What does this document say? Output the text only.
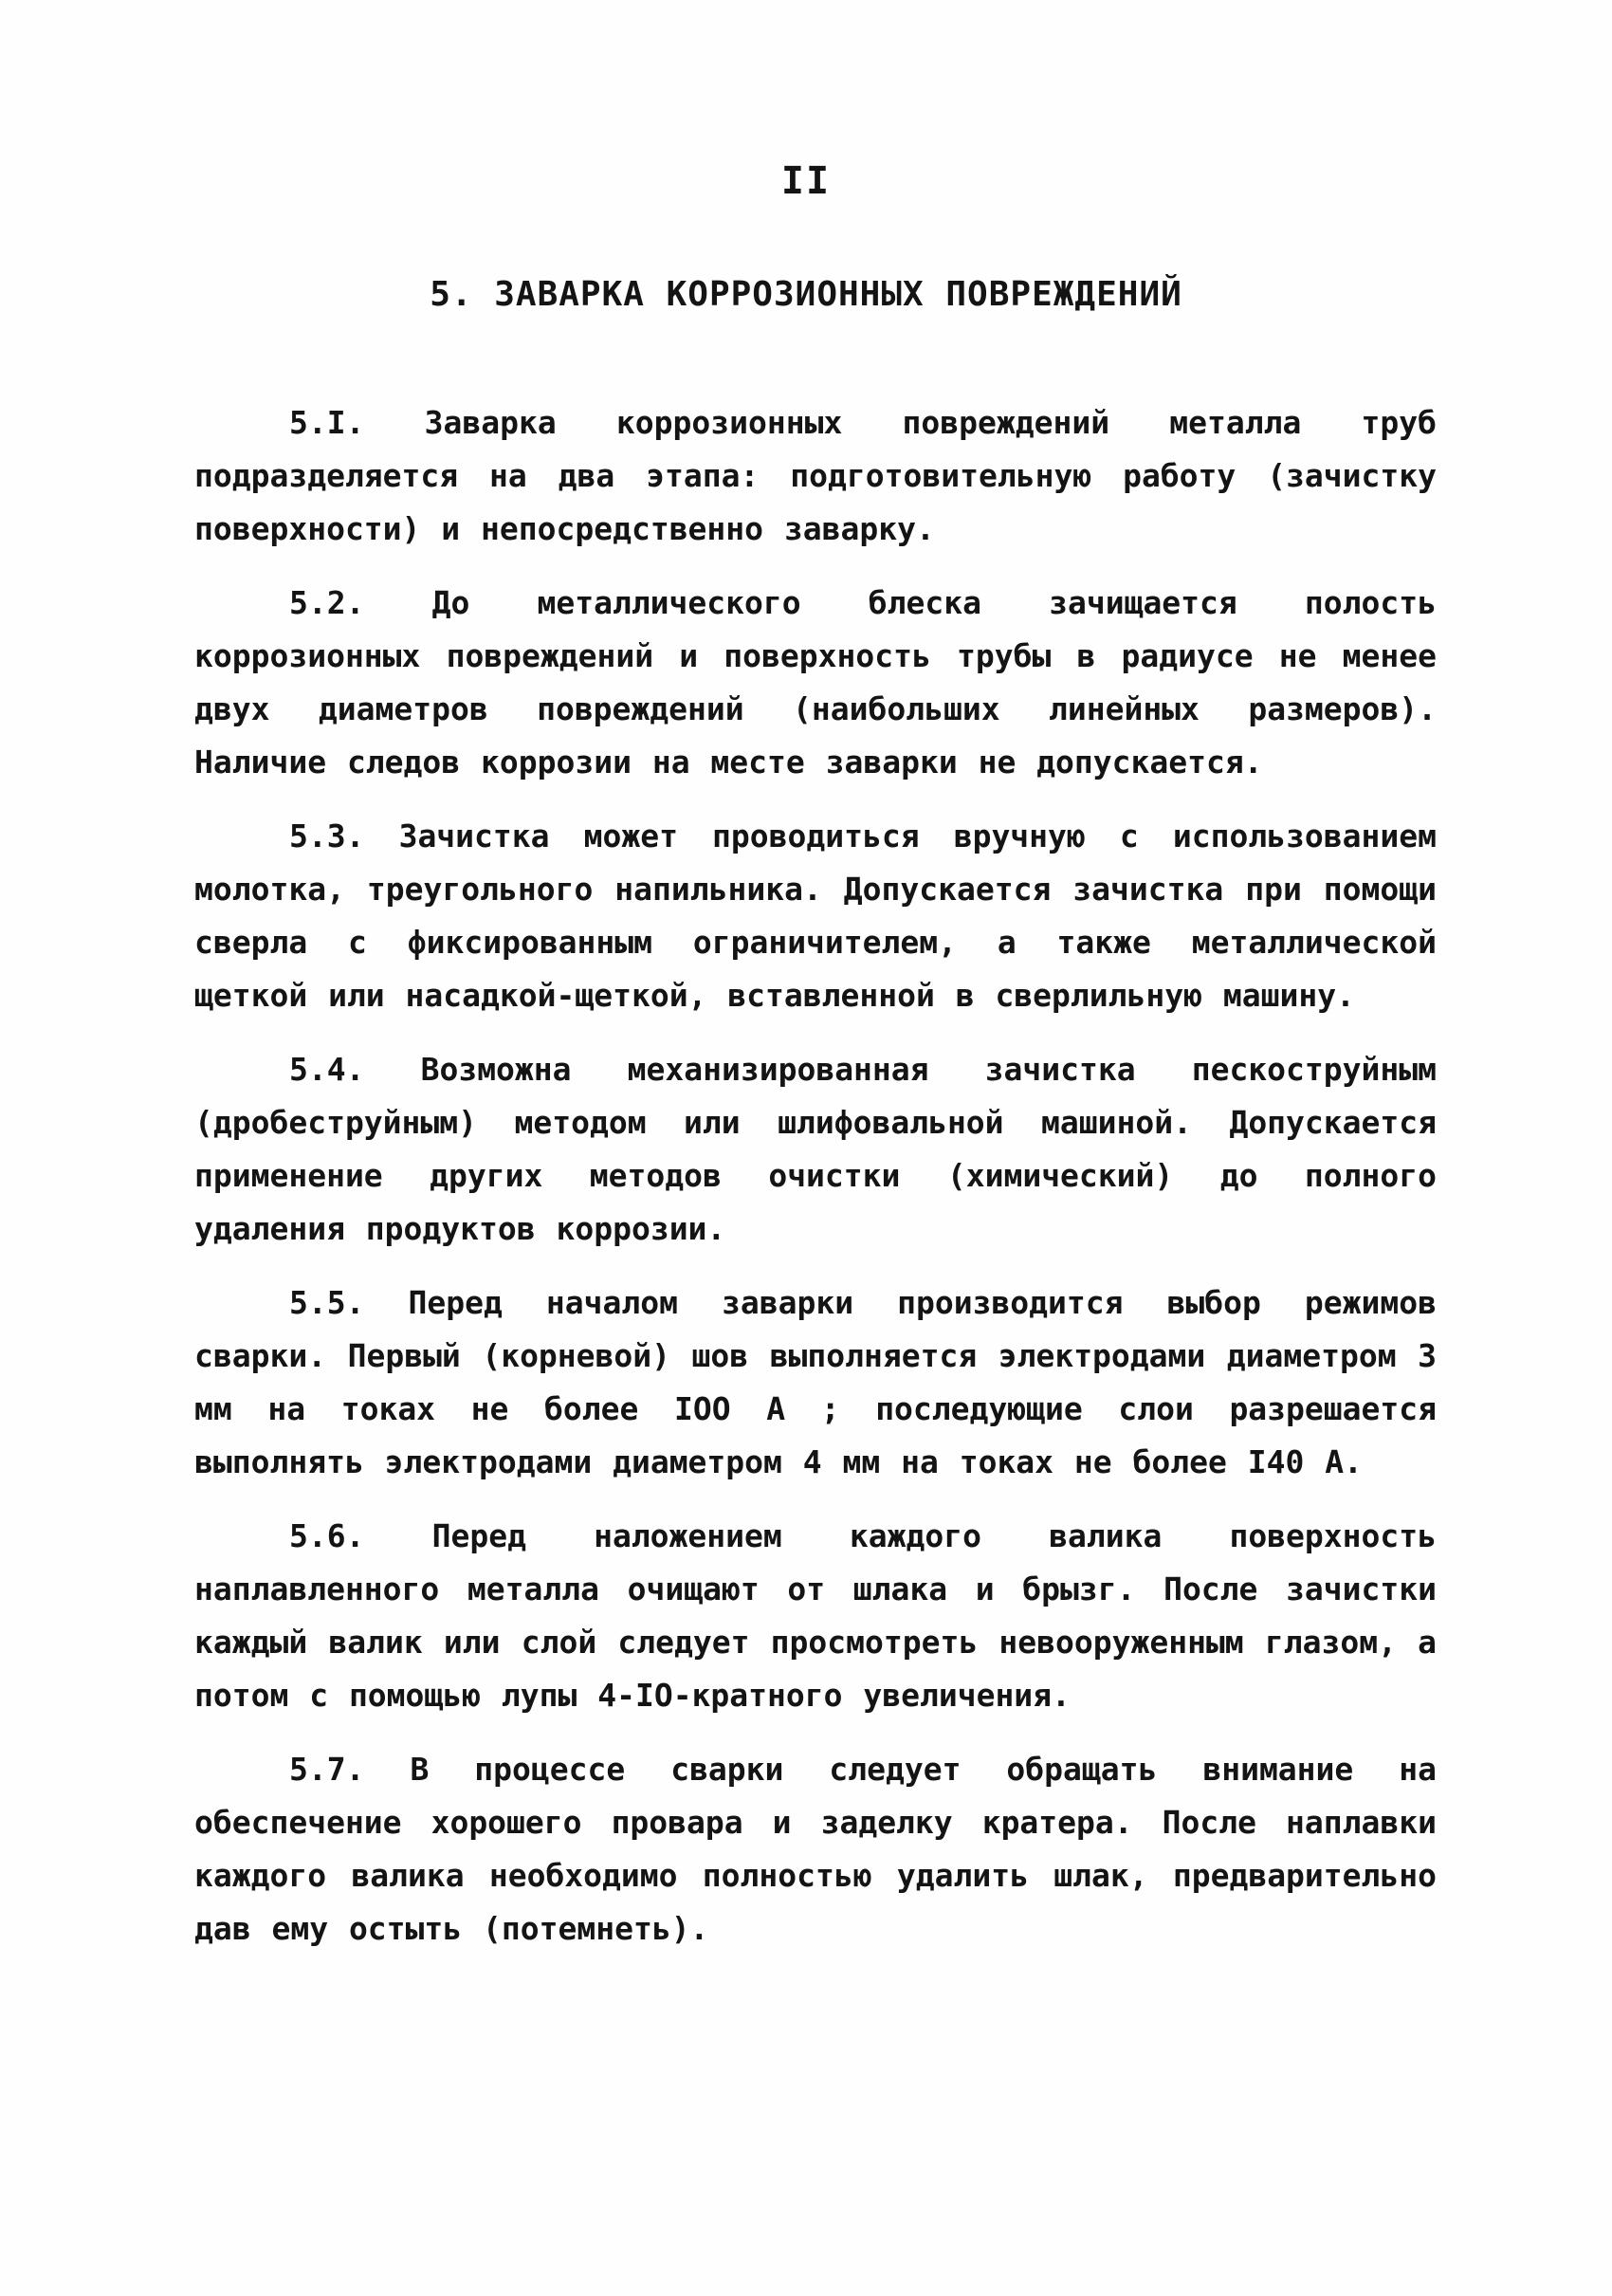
II
5. ЗАВАРКА КОРРОЗИОННЫХ ПОВРЕЖДЕНИЙ

5.I. Заварка коррозионных повреждений металла труб подразделяется на два этапа: подготовительную работу (зачистку поверхности) и непосредственно заварку.

5.2. До металлического блеска зачищается полость коррозионных повреждений и поверхность трубы в радиусе не менее двух диаметров повреждений (наибольших линейных размеров). Наличие следов коррозии на месте заварки не допускается.

5.3. Зачистка может проводиться вручную с использованием молотка, треугольного напильника. Допускается зачистка при помощи сверла с фиксированным ограничителем, а также металлической щеткой или насадкой-щеткой, вставленной в сверлильную машину.

5.4. Возможна механизированная зачистка пескоструйным (дробеструйным) методом или шлифовальной машиной. Допускается применение других методов очистки (химический) до полного удаления продуктов коррозии.

5.5. Перед началом заварки производится выбор режимов сварки. Первый (корневой) шов выполняется электродами диаметром 3 мм на токах не более IOO A ; последующие слои разрешается выполнять электродами диаметром 4 мм на токах не более I40 A.

5.6. Перед наложением каждого валика поверхность наплавленного металла очищают от шлака и брызг. После зачистки каждый валик или слой следует просмотреть невооруженным глазом, а потом с помощью лупы 4-IO-кратного увеличения.

5.7. В процессе сварки следует обращать внимание на обеспечение хорошего провара и заделку кратера. После наплавки каждого валика необходимо полностью удалить шлак, предварительно дав ему остыть (потемнеть).
